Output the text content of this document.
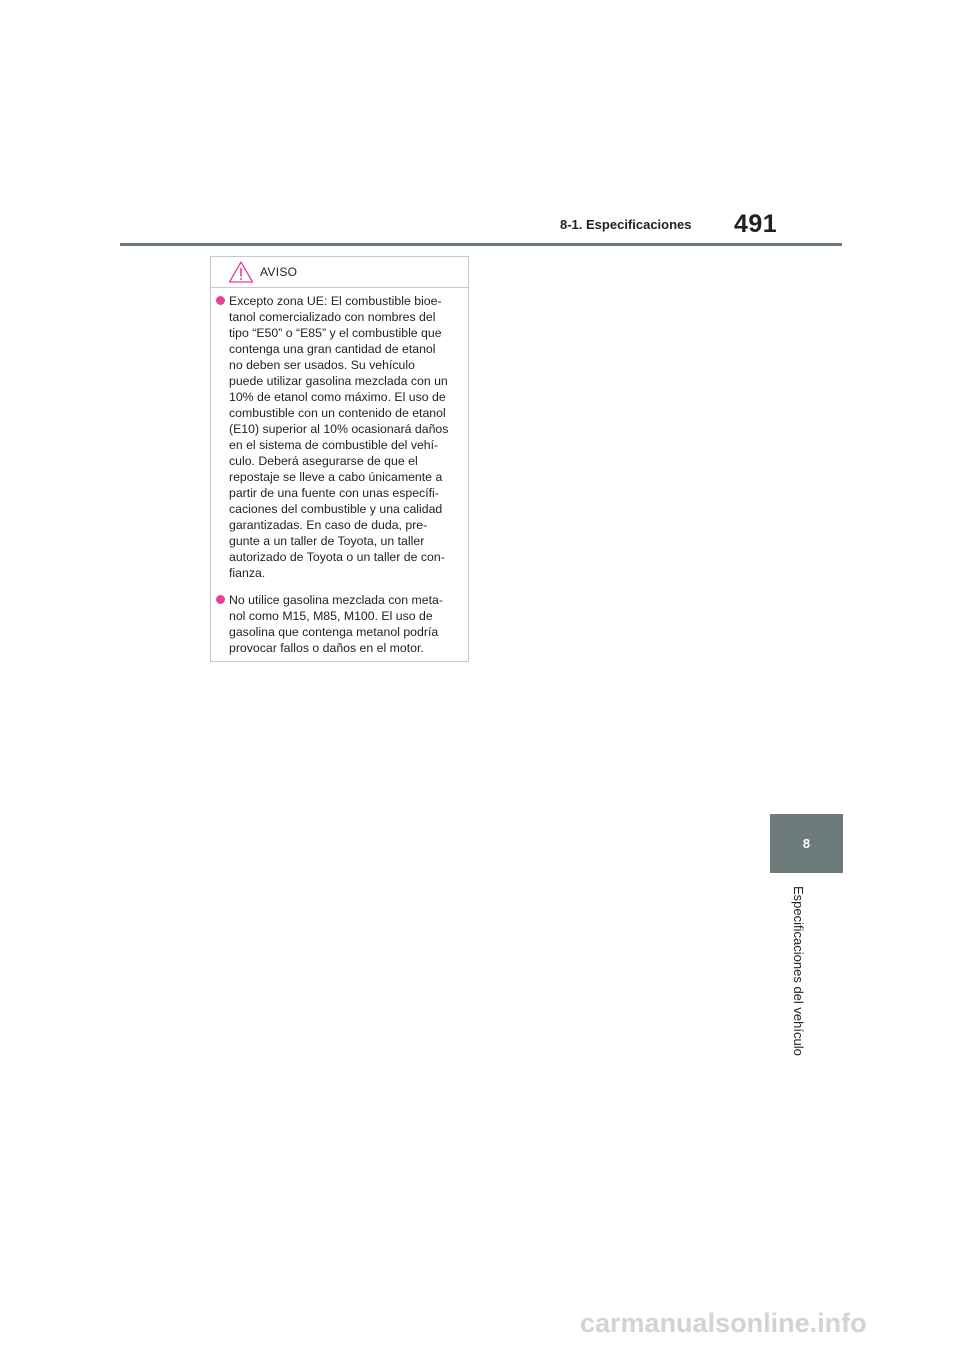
8-1. Especificaciones 491
8
Especificaciones del vehículo
AVISO
Excepto zona UE: El combustible bioe-
tanol comercializado con nombres del
tipo “E50” o “E85” y el combustible que
contenga una gran cantidad de etanol
no deben ser usados. Su vehículo
puede utilizar gasolina mezclada con un
10% de etanol como máximo. El uso de
combustible con un contenido de etanol
(E10) superior al 10% ocasionará daños
en el sistema de combustible del vehí-
culo. Deberá asegurarse de que el
repostaje se lleve a cabo únicamente a
partir de una fuente con unas específi-
caciones del combustible y una calidad
garantizadas. En caso de duda, pre-
gunte a un taller de Toyota, un taller
autorizado de Toyota o un taller de con-
fianza.
No utilice gasolina mezclada con meta-
nol como M15, M85, M100. El uso de
gasolina que contenga metanol podría
provocar fallos o daños en el motor.
carmanualsonline.info
